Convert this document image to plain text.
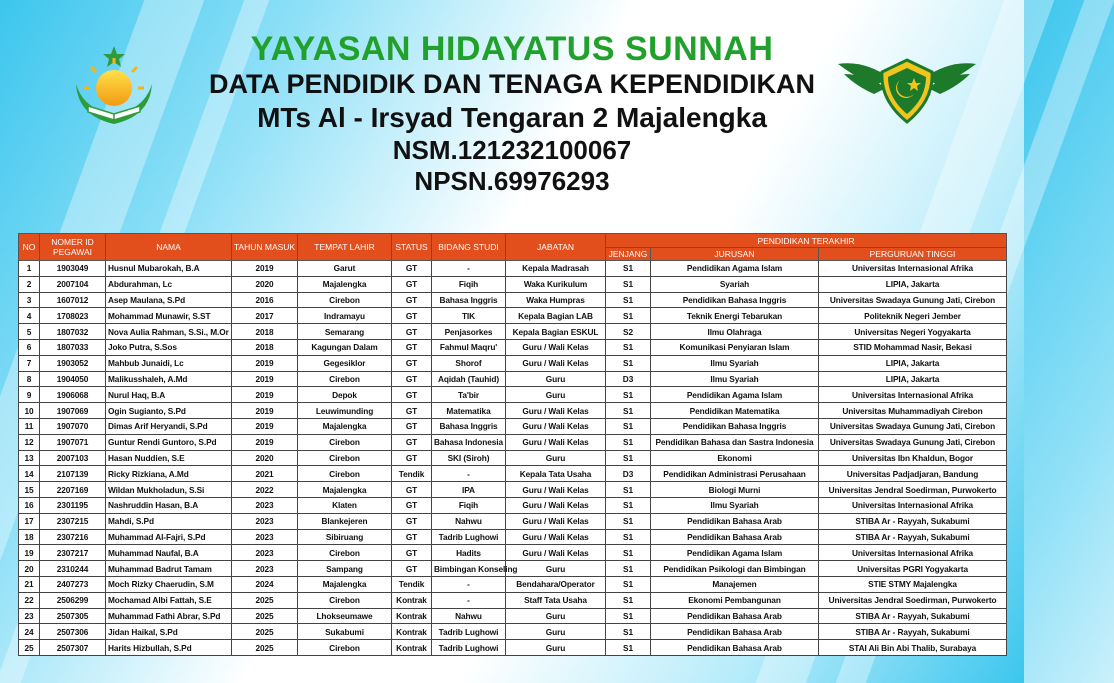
YAYASAN HIDAYATUS SUNNAH
DATA PENDIDIK DAN TENAGA KEPENDIDIKAN
MTs Al - Irsyad Tengaran 2 Majalengka
NSM.121232100067
NPSN.69976293
NO	NOMER ID PEGAWAI	NAMA	TAHUN MASUK	TEMPAT LAHIR	STATUS	BIDANG STUDI	JABATAN	PENDIDIKAN TERAKHIR		
								JENJANG	JURUSAN	PERGURUAN TINGGI
1	1903049	Husnul Mubarokah, B.A	2019	Garut	GT	-	Kepala Madrasah	S1	Pendidikan Agama Islam	Universitas Internasional Afrika
2	2007104	Abdurahman, Lc	2020	Majalengka	GT	Fiqih	Waka Kurikulum	S1	Syariah	LIPIA, Jakarta
3	1607012	Asep Maulana, S.Pd	2016	Cirebon	GT	Bahasa Inggris	Waka Humpras	S1	Pendidikan Bahasa Inggris	Universitas Swadaya Gunung Jati, Cirebon
4	1708023	Mohammad Munawir, S.ST	2017	Indramayu	GT	TIK	Kepala Bagian LAB	S1	Teknik Energi Tebarukan	Politeknik Negeri Jember
5	1807032	Nova Aulia Rahman, S.Si., M.Or	2018	Semarang	GT	Penjasorkes	Kepala Bagian ESKUL	S2	Ilmu Olahraga	Universitas Negeri Yogyakarta
6	1807033	Joko Putra, S.Sos	2018	Kagungan Dalam	GT	Fahmul Maqru'	Guru / Wali Kelas	S1	Komunikasi Penyiaran Islam	STID Mohammad Nasir, Bekasi
7	1903052	Mahbub Junaidi, Lc	2019	Gegesiklor	GT	Shorof	Guru / Wali Kelas	S1	Ilmu Syariah	LIPIA, Jakarta
8	1904050	Malikusshaleh, A.Md	2019	Cirebon	GT	Aqidah (Tauhid)	Guru	D3	Ilmu Syariah	LIPIA, Jakarta
9	1906068	Nurul Haq, B.A	2019	Depok	GT	Ta'bir	Guru	S1	Pendidikan Agama Islam	Universitas Internasional Afrika
10	1907069	Ogin Sugianto, S.Pd	2019	Leuwimunding	GT	Matematika	Guru / Wali Kelas	S1	Pendidikan Matematika	Universitas Muhammadiyah Cirebon
11	1907070	Dimas Arif Heryandi, S.Pd	2019	Majalengka	GT	Bahasa Inggris	Guru / Wali Kelas	S1	Pendidikan Bahasa Inggris	Universitas Swadaya Gunung Jati, Cirebon
12	1907071	Guntur Rendi Guntoro, S.Pd	2019	Cirebon	GT	Bahasa Indonesia	Guru / Wali Kelas	S1	Pendidikan Bahasa dan Sastra Indonesia	Universitas Swadaya Gunung Jati, Cirebon
13	2007103	Hasan Nuddien, S.E	2020	Cirebon	GT	SKI (Siroh)	Guru	S1	Ekonomi	Universitas Ibn Khaldun, Bogor
14	2107139	Ricky Rizkiana, A.Md	2021	Cirebon	Tendik	-	Kepala Tata Usaha	D3	Pendidikan Administrasi Perusahaan	Universitas Padjadjaran, Bandung
15	2207169	Wildan Mukholadun, S.Si	2022	Majalengka	GT	IPA	Guru / Wali Kelas	S1	Biologi Murni	Universitas Jendral Soedirman, Purwokerto
16	2301195	Nashruddin Hasan, B.A	2023	Klaten	GT	Fiqih	Guru / Wali Kelas	S1	Ilmu Syariah	Universitas Internasional Afrika
17	2307215	Mahdi, S.Pd	2023	Blankejeren	GT	Nahwu	Guru / Wali Kelas	S1	Pendidikan Bahasa Arab	STIBA Ar - Rayyah, Sukabumi
18	2307216	Muhammad Al-Fajri, S.Pd	2023	Sibiruang	GT	Tadrib Lughowi	Guru / Wali Kelas	S1	Pendidikan Bahasa Arab	STIBA Ar - Rayyah, Sukabumi
19	2307217	Muhammad Naufal, B.A	2023	Cirebon	GT	Hadits	Guru / Wali Kelas	S1	Pendidikan Agama Islam	Universitas Internasional Afrika
20	2310244	Muhammad Badrut Tamam	2023	Sampang	GT	Bimbingan Konseling	Guru	S1	Pendidikan Psikologi dan Bimbingan	Universitas PGRI Yogyakarta
21	2407273	Moch Rizky Chaerudin, S.M	2024	Majalengka	Tendik	-	Bendahara/Operator	S1	Manajemen	STIE STMY Majalengka
22	2506299	Mochamad Albi Fattah, S.E	2025	Cirebon	Kontrak	-	Staff Tata Usaha	S1	Ekonomi Pembangunan	Universitas Jendral Soedirman, Purwokerto
23	2507305	Muhammad Fathi Abrar, S.Pd	2025	Lhokseumawe	Kontrak	Nahwu	Guru	S1	Pendidikan Bahasa Arab	STIBA Ar - Rayyah, Sukabumi
24	2507306	Jidan Haikal, S.Pd	2025	Sukabumi	Kontrak	Tadrib Lughowi	Guru	S1	Pendidikan Bahasa Arab	STIBA Ar - Rayyah, Sukabumi
25	2507307	Harits Hizbullah, S.Pd	2025	Cirebon	Kontrak	Tadrib Lughowi	Guru	S1	Pendidikan Bahasa Arab	STAI Ali Bin Abi Thalib, Surabaya
